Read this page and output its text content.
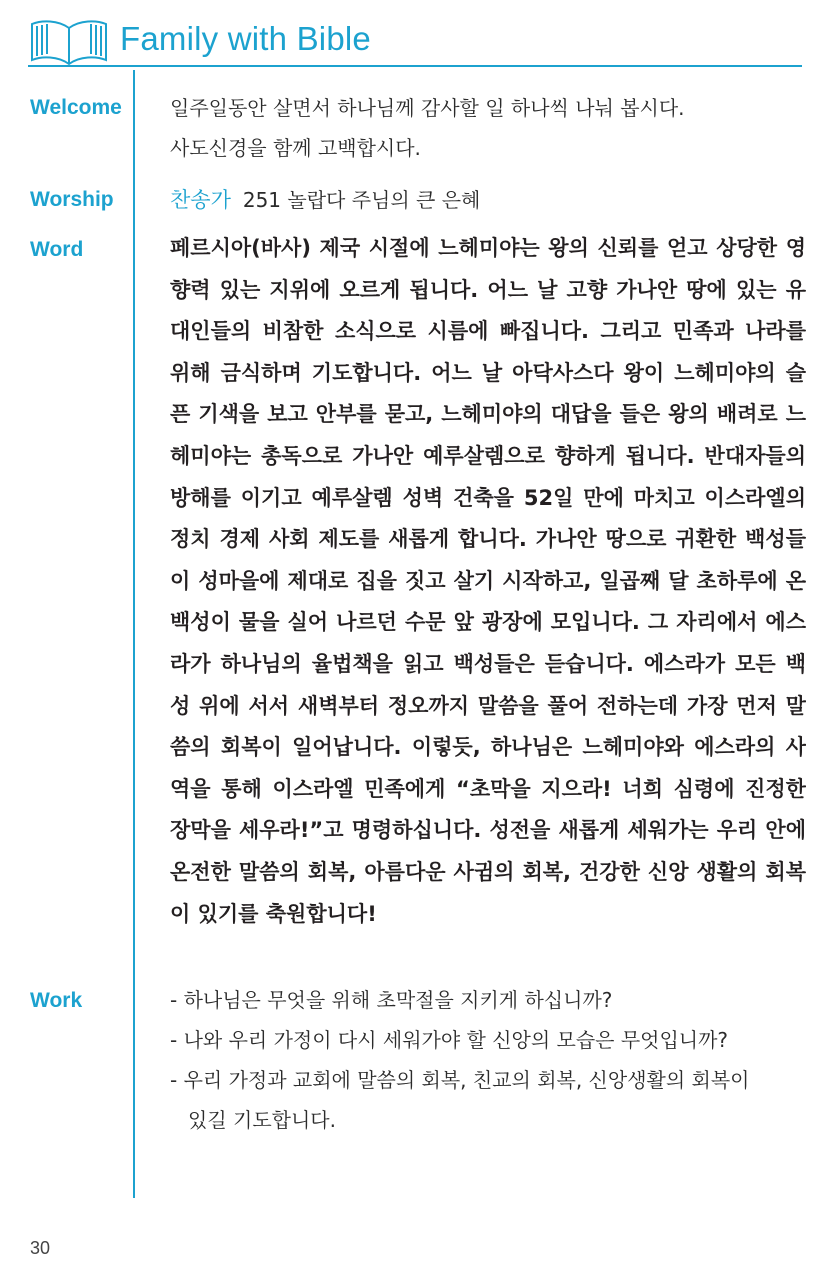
Family with Bible
Welcome 일주일동안 살면서 하나님께 감사할 일 하나씩 나눠 봅시다.
사도신경을 함께 고백합시다.
Worship	찬송가 251 놀랍다 주님의 큰 은혜
Word	페르시아(바사) 제국 시절에 느헤미야는 왕의 신뢰를 얻고 상당한 영
향력 있는 지위에 오르게 됩니다. 어느 날 고향 가나안 땅에 있는 유
대인들의 비참한 소식으로 시름에 빠집니다. 그리고 민족과 나라를
위해 금식하며 기도합니다. 어느 날 아닥사스다 왕이 느헤미야의 슬
픈 기색을 보고 안부를 묻고, 느헤미야의 대답을 들은 왕의 배려로 느
헤미야는 총독으로 가나안 예루살렘으로 향하게 됩니다. 반대자들의
방해를 이기고 예루살렘 성벽 건축을 52일 만에 마치고 이스라엘의
정치 경제 사회 제도를 새롭게 합니다. 가나안 땅으로 귀환한 백성들
이 성마을에 제대로 집을 짓고 살기 시작하고, 일곱째 달 초하루에 온
백성이 물을 실어 나르던 수문 앞 광장에 모입니다. 그 자리에서 에스
라가 하나님의 율법책을 읽고 백성들은 듣습니다. 에스라가 모든 백
성 위에 서서 새벽부터 정오까지 말씀을 풀어 전하는데 가장 먼저 말
씀의 회복이 일어납니다. 이렇듯, 하나님은 느헤미야와 에스라의 사
역을 통해 이스라엘 민족에게 “초막을 지으라! 너희 심령에 진정한
장막을 세우라!”고 명령하십니다. 성전을 새롭게 세워가는 우리 안에
온전한 말씀의 회복, 아름다운 사귐의 회복, 건강한 신앙 생활의 회복
이 있기를 축원합니다!
Work	- 하나님은 무엇을 위해 초막절을 지키게 하십니까?
- 나와 우리 가정이 다시 세워가야 할 신앙의 모습은 무엇입니까?
- 우리 가정과 교회에 말씀의 회복, 친교의 회복, 신앙생활의 회복이
있길 기도합니다.
30
